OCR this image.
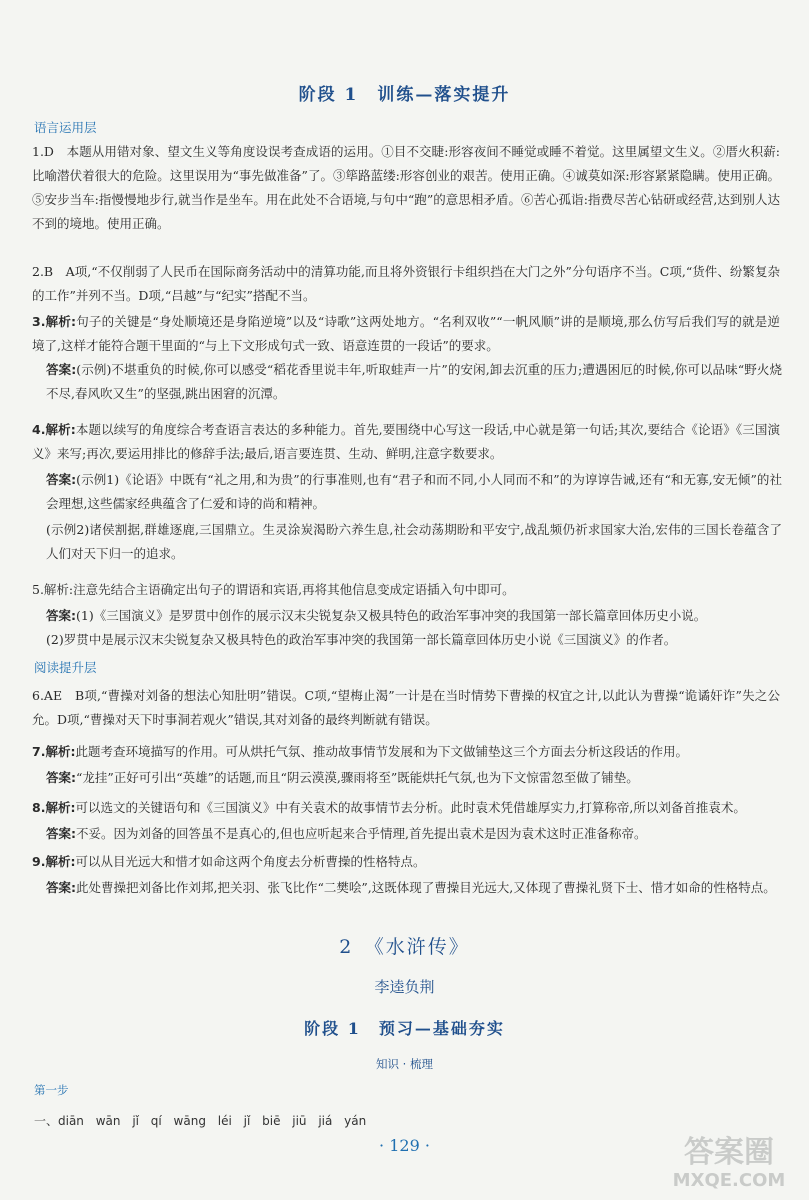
阶段 1　训练—落实提升
语言运用层
1.D　本题从用错对象、望文生义等角度设误考查成语的运用。①目不交睫:形容夜间不睡觉或睡不着觉。这里属望文生义。②厝火积薪:比喻潜伏着很大的危险。这里误用为“事先做准备”了。③筚路蓝缕:形容创业的艰苦。使用正确。④诚莫如深:形容紧紧隐瞒。使用正确。⑤安步当车:指慢慢地步行,就当作是坐车。用在此处不合语境,与句中“跑”的意思相矛盾。⑥苦心孤诣:指费尽苦心钻研或经营,达到别人达不到的境地。使用正确。
2.B　A项,“不仅削弱了人民币在国际商务活动中的清算功能,而且将外资银行卡组织挡在大门之外”分句语序不当。C项,“货件、纷繁复杂的工作”并列不当。D项,“吕越”与“纪实”搭配不当。
3.解析:句子的关键是“身处顺境还是身陷逆境”以及“诗歌”这两处地方。“名利双收”“一帆风顺”讲的是顺境,那么仿写后我们写的就是逆境了,这样才能符合题干里面的“与上下文形成句式一致、语意连贯的一段话”的要求。
答案:(示例)不堪重负的时候,你可以感受“稻花香里说丰年,听取蛙声一片”的安闲,卸去沉重的压力;遭遇困厄的时候,你可以品味“野火烧不尽,春风吹又生”的坚强,跳出困窘的沉潭。
4.解析:本题以续写的角度综合考查语言表达的多种能力。首先,要围绕中心写这一段话,中心就是第一句话;其次,要结合《论语》《三国演义》来写;再次,要运用排比的修辞手法;最后,语言要连贯、生动、鲜明,注意字数要求。
答案:(示例1)《论语》中既有“礼之用,和为贵”的行事准则,也有“君子和而不同,小人同而不和”的为谆谆告诫,还有“和无寡,安无倾”的社会理想,这些儒家经典蕴含了仁爱和诗的尚和精神。
(示例2)诸侯割据,群雄逐鹿,三国鼎立。生灵涂炭渴盼六养生息,社会动荡期盼和平安宁,战乱频仍祈求国家大治,宏伟的三国长卷蕴含了人们对天下归一的追求。
5.解析:注意先结合主语确定出句子的谓语和宾语,再将其他信息变成定语插入句中即可。
答案:(1)《三国演义》是罗贯中创作的展示汉末尖锐复杂又极具特色的政治军事冲突的我国第一部长篇章回体历史小说。
(2)罗贯中是展示汉末尖锐复杂又极具特色的政治军事冲突的我国第一部长篇章回体历史小说《三国演义》的作者。
阅读提升层
6.AE　B项,“曹操对刘备的想法心知肚明”错误。C项,“望梅止渴”一计是在当时情势下曹操的权宜之计,以此认为曹操“诡谲奸诈”失之公允。D项,“曹操对天下时事洞若观火”错误,其对刘备的最终判断就有错误。
7.解析:此题考查环境描写的作用。可从烘托气氛、推动故事情节发展和为下文做铺垫这三个方面去分析这段话的作用。
答案:“龙挂”正好可引出“英雄”的话题,而且“阴云漠漠,骤雨将至”既能烘托气氛,也为下文惊雷忽至做了铺垫。
8.解析:可以选文的关键语句和《三国演义》中有关袁术的故事情节去分析。此时袁术凭借雄厚实力,打算称帝,所以刘备首推袁术。
答案:不妥。因为刘备的回答虽不是真心的,但也应听起来合乎情理,首先提出袁术是因为袁术这时正准备称帝。
9.解析:可以从目光远大和惜才如命这两个角度去分析曹操的性格特点。
答案:此处曹操把刘备比作刘邦,把关羽、张飞比作“二樊哙”,这既体现了曹操目光远大,又体现了曹操礼贤下士、惜才如命的性格特点。
2　《水浒传》
李逵负荆
阶段 1　预习—基础夯实
知识 · 梳理
第一步
一、diān wān jǐ qí wāng léi jǐ biē jiū jiá yán
· 129 ·	答案圈
MXQE.COM
